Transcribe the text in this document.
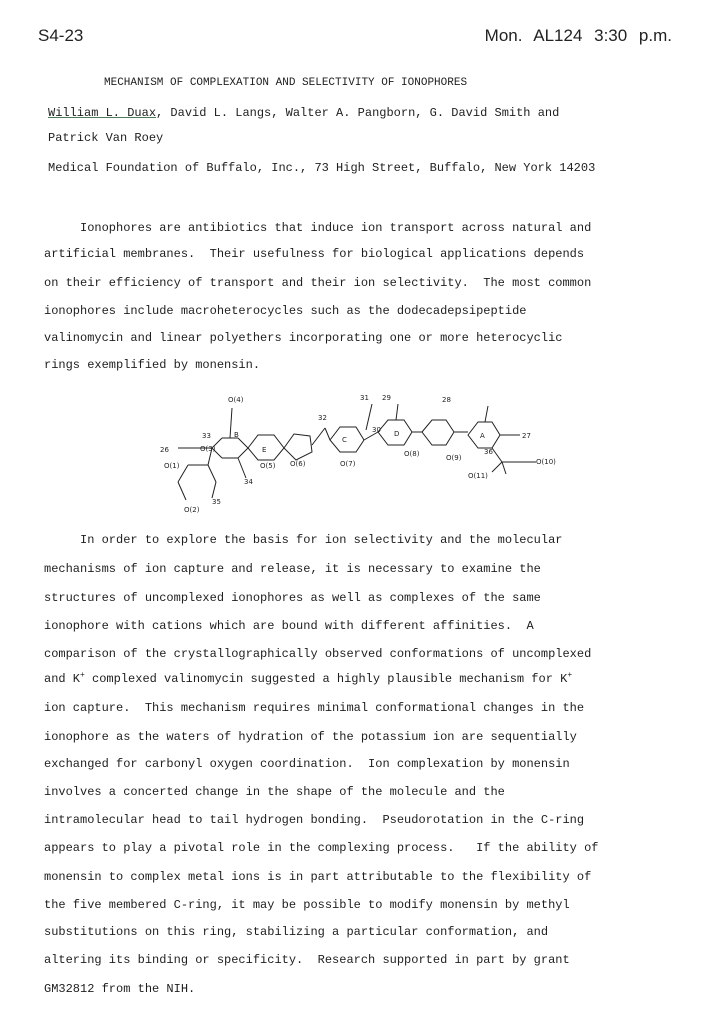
S4-23	Mon. AL124 3:30 p.m.
MECHANISM OF COMPLEXATION AND SELECTIVITY OF IONOPHORES
William L. Duax, David L. Langs, Walter A. Pangborn, G. David Smith and
Patrick Van Roey
Medical Foundation of Buffalo, Inc., 73 High Street, Buffalo, New York 14203
Ionophores are antibiotics that induce ion transport across natural and
artificial membranes.  Their usefulness for biological applications depends
on their efficiency of transport and their ion selectivity.  The most common
ionophores include macroheterocycles such as the dodecadepsipeptide
valinomycin and linear polyethers incorporating one or more heterocyclic
rings exemplified by monensin.
O(4)
33
26	O(3)
O(1)
O(2)
34
35
B
E
O(5) O(6)
32
C
O(7)
31 29
30 D
O(8)
28
A	27
36
O(9)	O(10)
O(11)
In order to explore the basis for ion selectivity and the molecular
mechanisms of ion capture and release, it is necessary to examine the
structures of uncomplexed ionophores as well as complexes of the same
ionophore with cations which are bound with different affinities.  A
comparison of the crystallographically observed conformations of uncomplexed
and K+ complexed valinomycin suggested a highly plausible mechanism for K+
ion capture.  This mechanism requires minimal conformational changes in the
ionophore as the waters of hydration of the potassium ion are sequentially
exchanged for carbonyl oxygen coordination.  Ion complexation by monensin
involves a concerted change in the shape of the molecule and the
intramolecular head to tail hydrogen bonding.  Pseudorotation in the C-ring
appears to play a pivotal role in the complexing process.   If the ability of
monensin to complex metal ions is in part attributable to the flexibility of
the five membered C-ring, it may be possible to modify monensin by methyl
substitutions on this ring, stabilizing a particular conformation, and
altering its binding or specificity.  Research supported in part by grant
GM32812 from the NIH.
